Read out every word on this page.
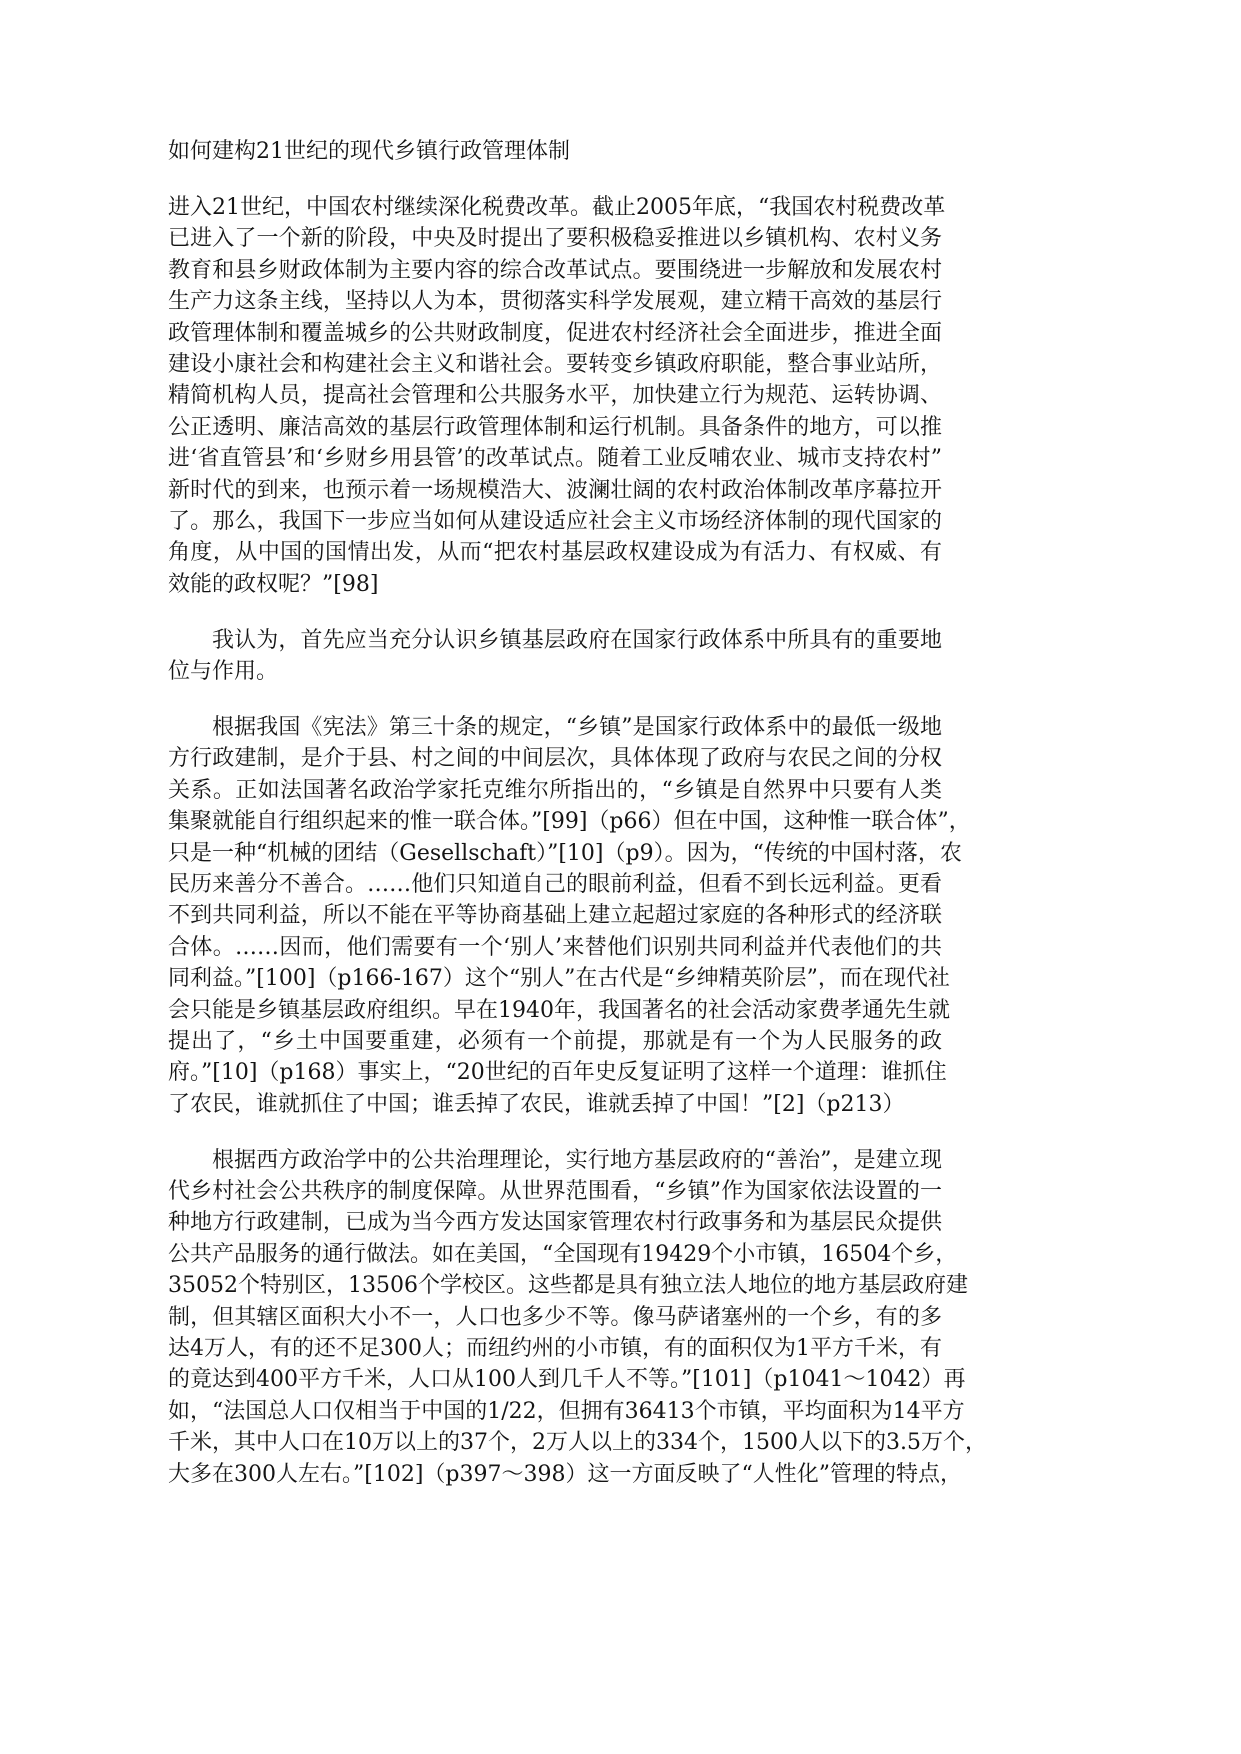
如何建构21世纪的现代乡镇行政管理体制
进入21世纪，中国农村继续深化税费改革。截止2005年底，“我国农村税费改革
已进入了一个新的阶段，中央及时提出了要积极稳妥推进以乡镇机构、农村义务
教育和县乡财政体制为主要内容的综合改革试点。要围绕进一步解放和发展农村
生产力这条主线，坚持以人为本，贯彻落实科学发展观，建立精干高效的基层行
政管理体制和覆盖城乡的公共财政制度，促进农村经济社会全面进步，推进全面
建设小康社会和构建社会主义和谐社会。要转变乡镇政府职能，整合事业站所，
精简机构人员，提高社会管理和公共服务水平，加快建立行为规范、运转协调、
公正透明、廉洁高效的基层行政管理体制和运行机制。具备条件的地方，可以推
进‘省直管县’和‘乡财乡用县管’的改革试点。随着工业反哺农业、城市支持农村”
新时代的到来，也预示着一场规模浩大、波澜壮阔的农村政治体制改革序幕拉开
了。那么，我国下一步应当如何从建设适应社会主义市场经济体制的现代国家的
角度，从中国的国情出发，从而“把农村基层政权建设成为有活力、有权威、有
效能的政权呢？”[98]
我认为，首先应当充分认识乡镇基层政府在国家行政体系中所具有的重要地
位与作用。
根据我国《宪法》第三十条的规定，“乡镇”是国家行政体系中的最低一级地
方行政建制，是介于县、村之间的中间层次，具体体现了政府与农民之间的分权
关系。正如法国著名政治学家托克维尔所指出的，“乡镇是自然界中只要有人类
集聚就能自行组织起来的惟一联合体。”[99]（p66）但在中国，这种惟一联合体”，
只是一种“机械的团结（Gesellschaft）”[10]（p9）。因为，“传统的中国村落，农
民历来善分不善合。……他们只知道自己的眼前利益，但看不到长远利益。更看
不到共同利益，所以不能在平等协商基础上建立起超过家庭的各种形式的经济联
合体。……因而，他们需要有一个‘别人’来替他们识别共同利益并代表他们的共
同利益。”[100]（p166-167）这个“别人”在古代是“乡绅精英阶层”，而在现代社
会只能是乡镇基层政府组织。早在1940年，我国著名的社会活动家费孝通先生就
提出了，“乡土中国要重建，必须有一个前提，那就是有一个为人民服务的政
府。”[10]（p168）事实上，“20世纪的百年史反复证明了这样一个道理：谁抓住
了农民，谁就抓住了中国；谁丢掉了农民，谁就丢掉了中国！”[2]（p213）
根据西方政治学中的公共治理理论，实行地方基层政府的“善治”，是建立现
代乡村社会公共秩序的制度保障。从世界范围看，“乡镇”作为国家依法设置的一
种地方行政建制，已成为当今西方发达国家管理农村行政事务和为基层民众提供
公共产品服务的通行做法。如在美国，“全国现有19429个小市镇，16504个乡，
35052个特别区，13506个学校区。这些都是具有独立法人地位的地方基层政府建
制，但其辖区面积大小不一，人口也多少不等。像马萨诸塞州的一个乡，有的多
达4万人，有的还不足300人；而纽约州的小市镇，有的面积仅为1平方千米，有
的竟达到400平方千米，人口从100人到几千人不等。”[101]（p1041～1042）再
如，“法国总人口仅相当于中国的1/22，但拥有36413个市镇，平均面积为14平方
千米，其中人口在10万以上的37个，2万人以上的334个，1500人以下的3.5万个，
大多在300人左右。”[102]（p397～398）这一方面反映了“人性化”管理的特点，
